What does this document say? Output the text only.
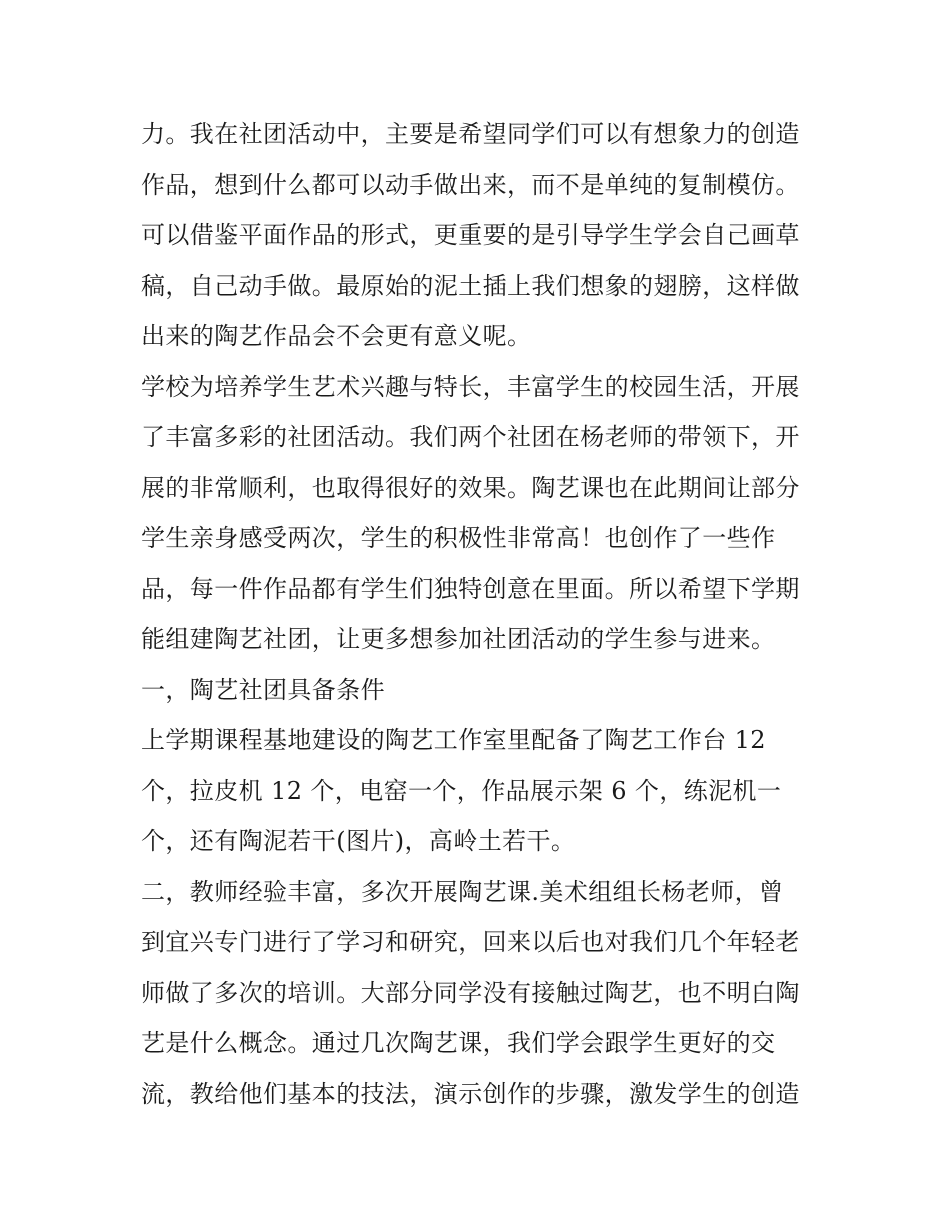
力。我在社团活动中，主要是希望同学们可以有想象力的创造
作品，想到什么都可以动手做出来，而不是单纯的复制模仿。
可以借鉴平面作品的形式，更重要的是引导学生学会自己画草
稿，自己动手做。最原始的泥土插上我们想象的翅膀，这样做
出来的陶艺作品会不会更有意义呢。
学校为培养学生艺术兴趣与特长，丰富学生的校园生活，开展
了丰富多彩的社团活动。我们两个社团在杨老师的带领下，开
展的非常顺利，也取得很好的效果。陶艺课也在此期间让部分
学生亲身感受两次，学生的积极性非常高！也创作了一些作
品，每一件作品都有学生们独特创意在里面。所以希望下学期
能组建陶艺社团，让更多想参加社团活动的学生参与进来。
一，陶艺社团具备条件
上学期课程基地建设的陶艺工作室里配备了陶艺工作台 12
个，拉皮机 12 个，电窑一个，作品展示架 6 个，练泥机一
个，还有陶泥若干(图片)，高岭土若干。
二，教师经验丰富，多次开展陶艺课.美术组组长杨老师，曾
到宜兴专门进行了学习和研究，回来以后也对我们几个年轻老
师做了多次的培训。大部分同学没有接触过陶艺，也不明白陶
艺是什么概念。通过几次陶艺课，我们学会跟学生更好的交
流，教给他们基本的技法，演示创作的步骤，激发学生的创造
